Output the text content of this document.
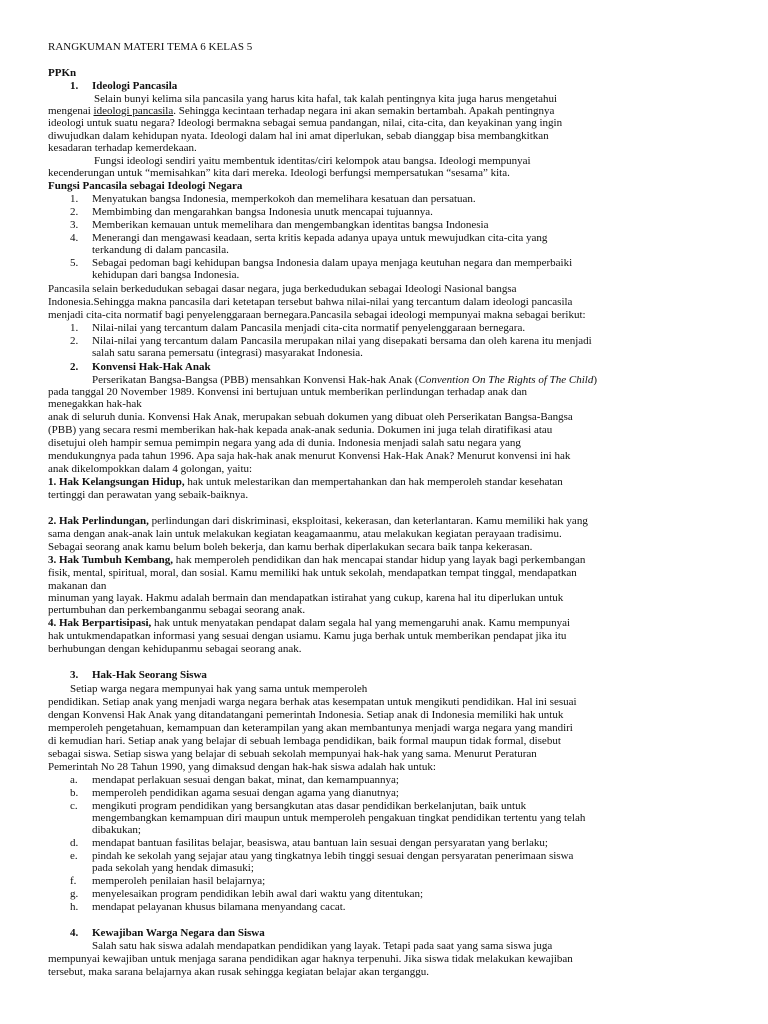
RANGKUMAN MATERI TEMA 6 KELAS 5
PPKn
1. Ideologi Pancasila
Selain bunyi kelima sila pancasila yang harus kita hafal, tak kalah pentingnya kita juga harus mengetahui
mengenai ideologi pancasila. Sehingga kecintaan terhadap negara ini akan semakin bertambah. Apakah pentingnya
ideologi untuk suatu negara? Ideologi bermakna sebagai semua pandangan, nilai, cita-cita, dan keyakinan yang ingin
diwujudkan dalam kehidupan nyata. Ideologi dalam hal ini amat diperlukan, sebab dianggap bisa membangkitkan
kesadaran terhadap kemerdekaan.
Fungsi ideologi sendiri yaitu membentuk identitas/ciri kelompok atau bangsa. Ideologi mempunyai
kecenderungan untuk “memisahkan” kita dari mereka. Ideologi berfungsi mempersatukan “sesama” kita.
Fungsi Pancasila sebagai Ideologi Negara
1. Menyatukan bangsa Indonesia, memperkokoh dan memelihara kesatuan dan persatuan.
2. Membimbing dan mengarahkan bangsa Indonesia unutk mencapai tujuannya.
3. Memberikan kemauan untuk memelihara dan mengembangkan identitas bangsa Indonesia
4. Menerangi dan mengawasi keadaan, serta kritis kepada adanya upaya untuk mewujudkan cita-cita yang
terkandung di dalam pancasila.
5. Sebagai pedoman bagi kehidupan bangsa Indonesia dalam upaya menjaga keutuhan negara dan memperbaiki
kehidupan dari bangsa Indonesia.
Pancasila selain berkedudukan sebagai dasar negara, juga berkedudukan sebagai Ideologi Nasional bangsa
Indonesia.Sehingga makna pancasila dari ketetapan tersebut bahwa nilai-nilai yang tercantum dalam ideologi pancasila
menjadi cita-cita normatif bagi penyelenggaraan bernegara.Pancasila sebagai ideologi mempunyai makna sebagai berikut:
1. Nilai-nilai yang tercantum dalam Pancasila menjadi cita-cita normatif penyelenggaraan bernegara.
2. Nilai-nilai yang tercantum dalam Pancasila merupakan nilai yang disepakati bersama dan oleh karena itu menjadi
salah satu sarana pemersatu (integrasi) masyarakat Indonesia.
2. Konvensi Hak-Hak Anak
Perserikatan Bangsa-Bangsa (PBB) mensahkan Konvensi Hak-hak Anak (Convention On The Rights of The Child)
pada tanggal 20 November 1989. Konvensi ini bertujuan untuk memberikan perlindungan terhadap anak dan
menegakkan hak-hak
anak di seluruh dunia. Konvensi Hak Anak, merupakan sebuah dokumen yang dibuat oleh Perserikatan Bangsa-Bangsa
(PBB) yang secara resmi memberikan hak-hak kepada anak-anak sedunia. Dokumen ini juga telah diratifikasi atau
disetujui oleh hampir semua pemimpin negara yang ada di dunia. Indonesia menjadi salah satu negara yang
mendukungnya pada tahun 1996. Apa saja hak-hak anak menurut Konvensi Hak-Hak Anak? Menurut konvensi ini hak
anak dikelompokkan dalam 4 golongan, yaitu:
1. Hak Kelangsungan Hidup, hak untuk melestarikan dan mempertahankan dan hak memperoleh standar kesehatan
tertinggi dan perawatan yang sebaik-baiknya.
2. Hak Perlindungan, perlindungan dari diskriminasi, eksploitasi, kekerasan, dan keterlantaran. Kamu memiliki hak yang
sama dengan anak-anak lain untuk melakukan kegiatan keagamaanmu, atau melakukan kegiatan perayaan tradisimu.
Sebagai seorang anak kamu belum boleh bekerja, dan kamu berhak diperlakukan secara baik tanpa kekerasan.
3. Hak Tumbuh Kembang, hak memperoleh pendidikan dan hak mencapai standar hidup yang layak bagi perkembangan
fisik, mental, spiritual, moral, dan sosial. Kamu memiliki hak untuk sekolah, mendapatkan tempat tinggal, mendapatkan
makanan dan
minuman yang layak. Hakmu adalah bermain dan mendapatkan istirahat yang cukup, karena hal itu diperlukan untuk
pertumbuhan dan perkembanganmu sebagai seorang anak.
4. Hak Berpartisipasi, hak untuk menyatakan pendapat dalam segala hal yang memengaruhi anak. Kamu mempunyai
hak untukmendapatkan informasi yang sesuai dengan usiamu. Kamu juga berhak untuk memberikan pendapat jika itu
berhubungan dengan kehidupanmu sebagai seorang anak.
3. Hak-Hak Seorang Siswa
Setiap warga negara mempunyai hak yang sama untuk memperoleh
pendidikan. Setiap anak yang menjadi warga negara berhak atas kesempatan untuk mengikuti pendidikan. Hal ini sesuai
dengan Konvensi Hak Anak yang ditandatangani pemerintah Indonesia. Setiap anak di Indonesia memiliki hak untuk
memperoleh pengetahuan, kemampuan dan keterampilan yang akan membantunya menjadi warga negara yang mandiri
di kemudian hari. Setiap anak yang belajar di sebuah lembaga pendidikan, baik formal maupun tidak formal, disebut
sebagai siswa. Setiap siswa yang belajar di sebuah sekolah mempunyai hak-hak yang sama. Menurut Peraturan
Pemerintah No 28 Tahun 1990, yang dimaksud dengan hak-hak siswa adalah hak untuk:
a. mendapat perlakuan sesuai dengan bakat, minat, dan kemampuannya;
b. memperoleh pendidikan agama sesuai dengan agama yang dianutnya;
c. mengikuti program pendidikan yang bersangkutan atas dasar pendidikan berkelanjutan, baik untuk
mengembangkan kemampuan diri maupun untuk memperoleh pengakuan tingkat pendidikan tertentu yang telah
dibakukan;
d. mendapat bantuan fasilitas belajar, beasiswa, atau bantuan lain sesuai dengan persyaratan yang berlaku;
e. pindah ke sekolah yang sejajar atau yang tingkatnya lebih tinggi sesuai dengan persyaratan penerimaan siswa
pada sekolah yang hendak dimasuki;
f. memperoleh penilaian hasil belajarnya;
g. menyelesaikan program pendidikan lebih awal dari waktu yang ditentukan;
h. mendapat pelayanan khusus bilamana menyandang cacat.
4. Kewajiban Warga Negara dan Siswa
Salah satu hak siswa adalah mendapatkan pendidikan yang layak. Tetapi pada saat yang sama siswa juga
mempunyai kewajiban untuk menjaga sarana pendidikan agar haknya terpenuhi. Jika siswa tidak melakukan kewajiban
tersebut, maka sarana belajarnya akan rusak sehingga kegiatan belajar akan terganggu.
